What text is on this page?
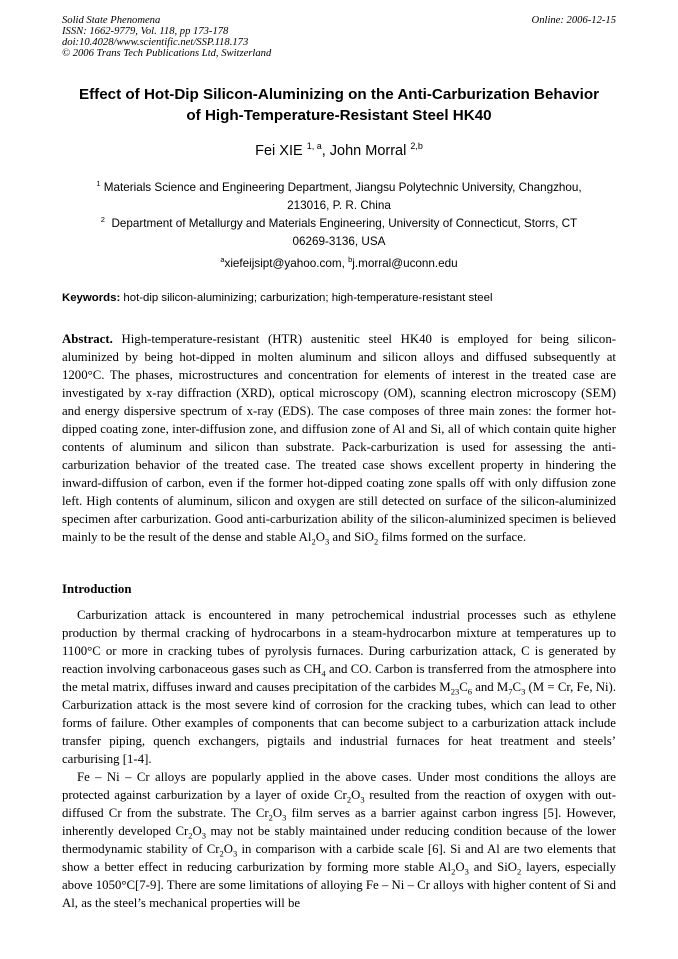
Solid State Phenomena
ISSN: 1662-9779, Vol. 118, pp 173-178
doi:10.4028/www.scientific.net/SSP.118.173
© 2006 Trans Tech Publications Ltd, Switzerland
Online: 2006-12-15
Effect of Hot-Dip Silicon-Aluminizing on the Anti-Carburization Behavior
of High-Temperature-Resistant Steel HK40
Fei XIE $^{1, a}$, John Morral $^{2,b}$
$^1$ Materials Science and Engineering Department, Jiangsu Polytechnic University, Changzhou,
213016, P. R. China
$^2$ Department of Metallurgy and Materials Engineering, University of Connecticut, Storrs, CT
06269-3136, USA
$^a$xiefeijsipt@yahoo.com, $^b$j.morral@uconn.edu
Keywords: hot-dip silicon-aluminizing; carburization; high-temperature-resistant steel

Abstract. High-temperature-resistant (HTR) austenitic steel HK40 is employed for being silicon-aluminized by being hot-dipped in molten aluminum and silicon alloys and diffused subsequently at 1200°C. The phases, microstructures and concentration for elements of interest in the treated case are investigated by x-ray diffraction (XRD), optical microscopy (OM), scanning electron microscopy (SEM) and energy dispersive spectrum of x-ray (EDS). The case composes of three main zones: the former hot-dipped coating zone, inter-diffusion zone, and diffusion zone of Al and Si, all of which contain quite higher contents of aluminum and silicon than substrate. Pack-carburization is used for assessing the anti-carburization behavior of the treated case. The treated case shows excellent property in hindering the inward-diffusion of carbon, even if the former hot-dipped coating zone spalls off with only diffusion zone left. High contents of aluminum, silicon and oxygen are still detected on surface of the silicon-aluminized specimen after carburization. Good anti-carburization ability of the silicon-aluminized specimen is believed mainly to be the result of the dense and stable $Al_2O_3$ and SiO$_2$ films formed on the surface.

Introduction

Carburization attack is encountered in many petrochemical industrial processes such as ethylene production by thermal cracking of hydrocarbons in a steam-hydrocarbon mixture at temperatures up to 1100°C or more in cracking tubes of pyrolysis furnaces. During carburization attack, C is generated by reaction involving carbonaceous gases such as $CH_4$ and CO. Carbon is transferred from the atmosphere into the metal matrix, diffuses inward and causes precipitation of the carbides $M_{23}C_6$ and $M_7C_3$ (M = Cr, Fe, Ni). Carburization attack is the most severe kind of corrosion for the cracking tubes, which can lead to other forms of failure. Other examples of components that can become subject to a carburization attack include transfer piping, quench exchangers, pigtails and industrial furnaces for heat treatment and steels’ carburising [1-4].

Fe – Ni – Cr alloys are popularly applied in the above cases. Under most conditions the alloys are protected against carburization by a layer of oxide $Cr_2O_3$ resulted from the reaction of oxygen with out-diffused Cr from the substrate. The $Cr_2O_3$ film serves as a barrier against carbon ingress [5]. However, inherently developed $Cr_2O_3$ may not be stably maintained under reducing condition because of the lower thermodynamic stability of $Cr_2O_3$ in comparison with a carbide scale [6]. Si and Al are two elements that show a better effect in reducing carburization by forming more stable $Al_2O_3$ and SiO$_2$ layers, especially above 1050°C[7-9]. There are some limitations of alloying Fe – Ni – Cr alloys with higher content of Si and Al, as the steel’s mechanical properties will be
